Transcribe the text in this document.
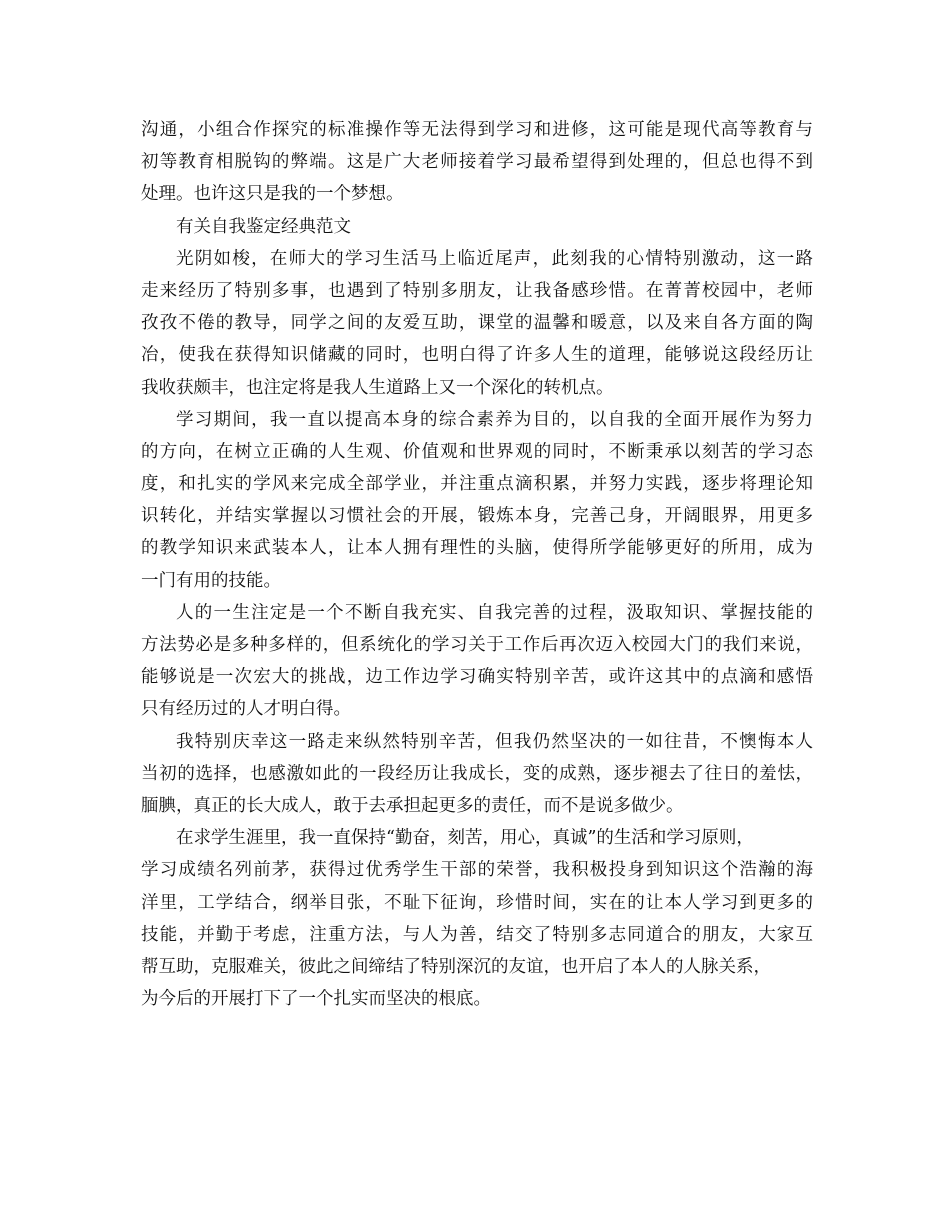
沟通，小组合作探究的标准操作等无法得到学习和进修，这可能是现代高等教育与
初等教育相脱钩的弊端。这是广大老师接着学习最希望得到处理的，但总也得不到
处理。也许这只是我的一个梦想。
有关自我鉴定经典范文
光阴如梭，在师大的学习生活马上临近尾声，此刻我的心情特别激动，这一路
走来经历了特别多事，也遇到了特别多朋友，让我备感珍惜。在菁菁校园中，老师
孜孜不倦的教导，同学之间的友爱互助，课堂的温馨和暖意，以及来自各方面的陶
冶，使我在获得知识储藏的同时，也明白得了许多人生的道理，能够说这段经历让
我收获颇丰，也注定将是我人生道路上又一个深化的转机点。
学习期间，我一直以提高本身的综合素养为目的，以自我的全面开展作为努力
的方向，在树立正确的人生观、价值观和世界观的同时，不断秉承以刻苦的学习态
度，和扎实的学风来完成全部学业，并注重点滴积累，并努力实践，逐步将理论知
识转化，并结实掌握以习惯社会的开展，锻炼本身，完善己身，开阔眼界，用更多
的教学知识来武装本人，让本人拥有理性的头脑，使得所学能够更好的所用，成为
一门有用的技能。
人的一生注定是一个不断自我充实、自我完善的过程，汲取知识、掌握技能的
方法势必是多种多样的，但系统化的学习关于工作后再次迈入校园大门的我们来说，
能够说是一次宏大的挑战，边工作边学习确实特别辛苦，或许这其中的点滴和感悟
只有经历过的人才明白得。
我特别庆幸这一路走来纵然特别辛苦，但我仍然坚决的一如往昔，不懊悔本人
当初的选择，也感激如此的一段经历让我成长，变的成熟，逐步褪去了往日的羞怯，
腼腆，真正的长大成人，敢于去承担起更多的责任，而不是说多做少。
在求学生涯里，我一直保持“勤奋，刻苦，用心，真诚”的生活和学习原则，
学习成绩名列前茅，获得过优秀学生干部的荣誉，我积极投身到知识这个浩瀚的海
洋里，工学结合，纲举目张，不耻下征询，珍惜时间，实在的让本人学习到更多的
技能，并勤于考虑，注重方法，与人为善，结交了特别多志同道合的朋友，大家互
帮互助，克服难关，彼此之间缔结了特别深沉的友谊，也开启了本人的人脉关系，
为今后的开展打下了一个扎实而坚决的根底。
